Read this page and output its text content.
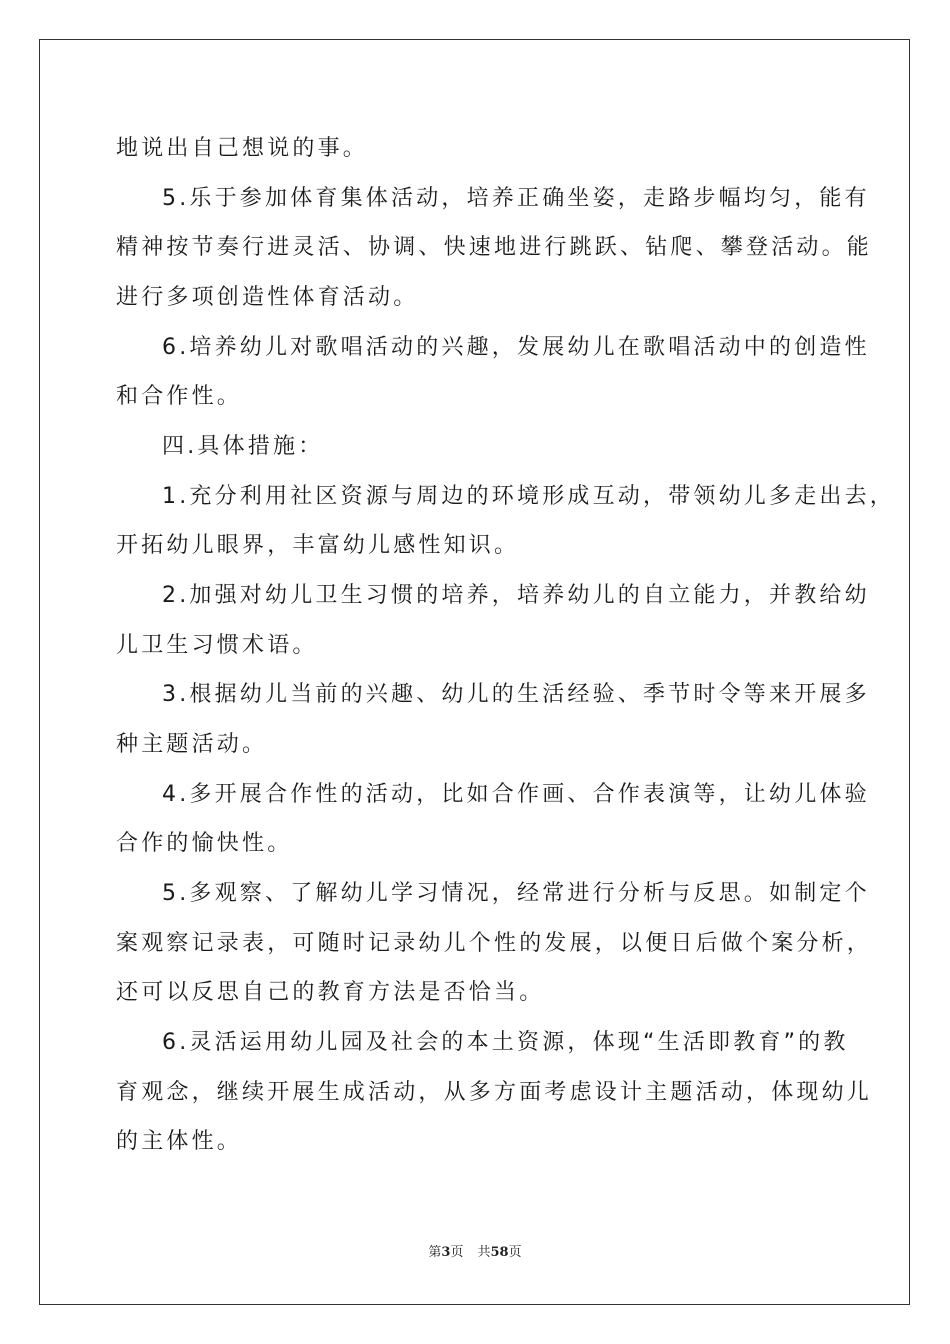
地说出自己想说的事。
5.乐于参加体育集体活动，培养正确坐姿，走路步幅均匀，能有
精神按节奏行进灵活、协调、快速地进行跳跃、钻爬、攀登活动。能
进行多项创造性体育活动。
6.培养幼儿对歌唱活动的兴趣，发展幼儿在歌唱活动中的创造性
和合作性。
四.具体措施：
1.充分利用社区资源与周边的环境形成互动，带领幼儿多走出去，
开拓幼儿眼界，丰富幼儿感性知识。
2.加强对幼儿卫生习惯的培养，培养幼儿的自立能力，并教给幼
儿卫生习惯术语。
3.根据幼儿当前的兴趣、幼儿的生活经验、季节时令等来开展多
种主题活动。
4.多开展合作性的活动，比如合作画、合作表演等，让幼儿体验
合作的愉快性。
5.多观察、了解幼儿学习情况，经常进行分析与反思。如制定个
案观察记录表，可随时记录幼儿个性的发展，以便日后做个案分析，
还可以反思自己的教育方法是否恰当。
6.灵活运用幼儿园及社会的本土资源，体现“生活即教育”的教
育观念，继续开展生成活动，从多方面考虑设计主题活动，体现幼儿
的主体性。
第3页 共58页
